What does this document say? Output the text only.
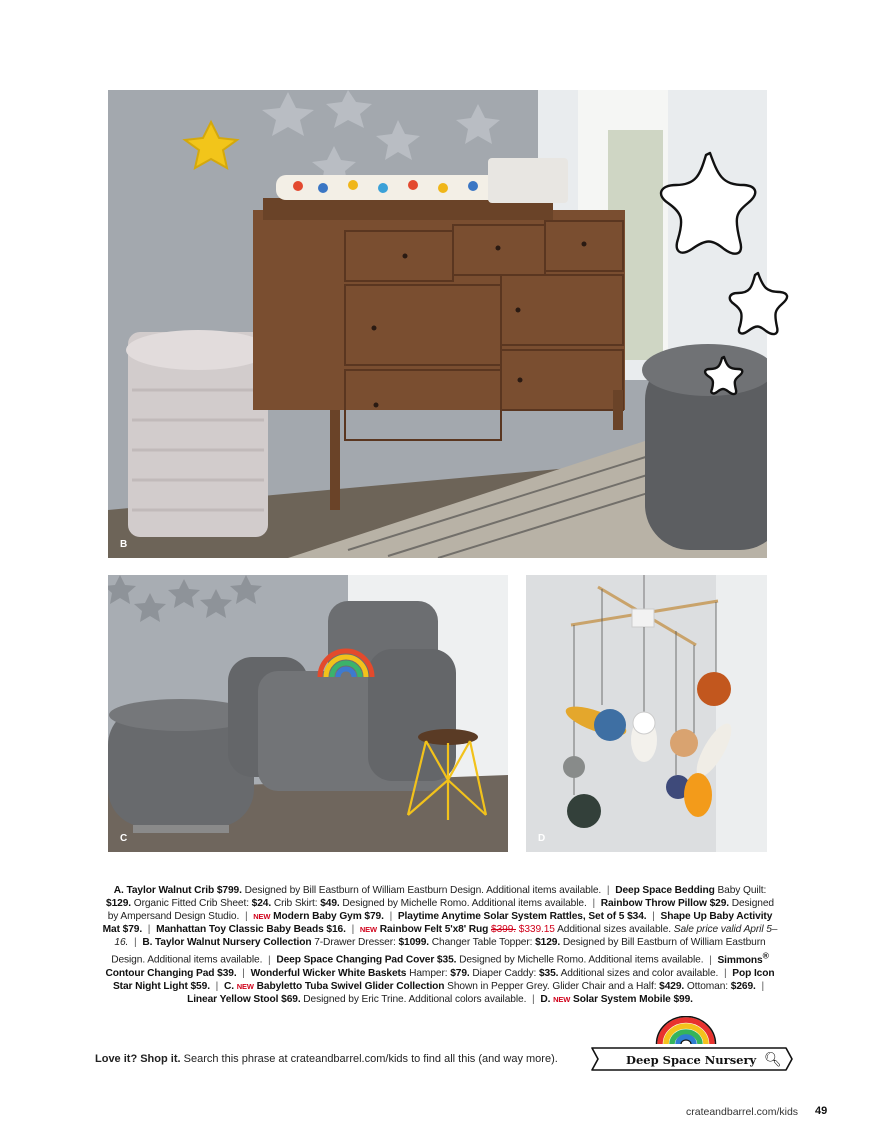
B
C	D
A. Taylor Walnut Crib $799. Designed by Bill Eastburn of William Eastburn Design. Additional items available. | Deep Space Bedding Baby Quilt: $129. Organic Fitted Crib Sheet: $24. Crib Skirt: $49. Designed by Michelle Romo. Additional items available. | Rainbow Throw Pillow $29. Designed by Ampersand Design Studio. | NEW Modern Baby Gym $79. | Playtime Anytime Solar System Rattles, Set of 5 $34. | Shape Up Baby Activity Mat $79. | Manhattan Toy Classic Baby Beads $16. | NEW Rainbow Felt 5'x8' Rug $399. $339.15 Additional sizes available. Sale price valid April 5–16. | B. Taylor Walnut Nursery Collection 7-Drawer Dresser: $1099. Changer Table Topper: $129. Designed by Bill Eastburn of William Eastburn Design. Additional items available. | Deep Space Changing Pad Cover $35. Designed by Michelle Romo. Additional items available. | Simmons® Contour Changing Pad $39. | Wonderful Wicker White Baskets Hamper: $79. Diaper Caddy: $35. Additional sizes and color available. | Pop Icon Star Night Light $59. | C. NEW Babyletto Tuba Swivel Glider Collection Shown in Pepper Grey. Glider Chair and a Half: $429. Ottoman: $269. | Linear Yellow Stool $69. Designed by Eric Trine. Additional colors available. | D. NEW Solar System Mobile $99.
Love it? Shop it. Search this phrase at crateandbarrel.com/kids to find all this (and way more).	Deep Space Nursery 🔍︎
crateandbarrel.com/kids 49
